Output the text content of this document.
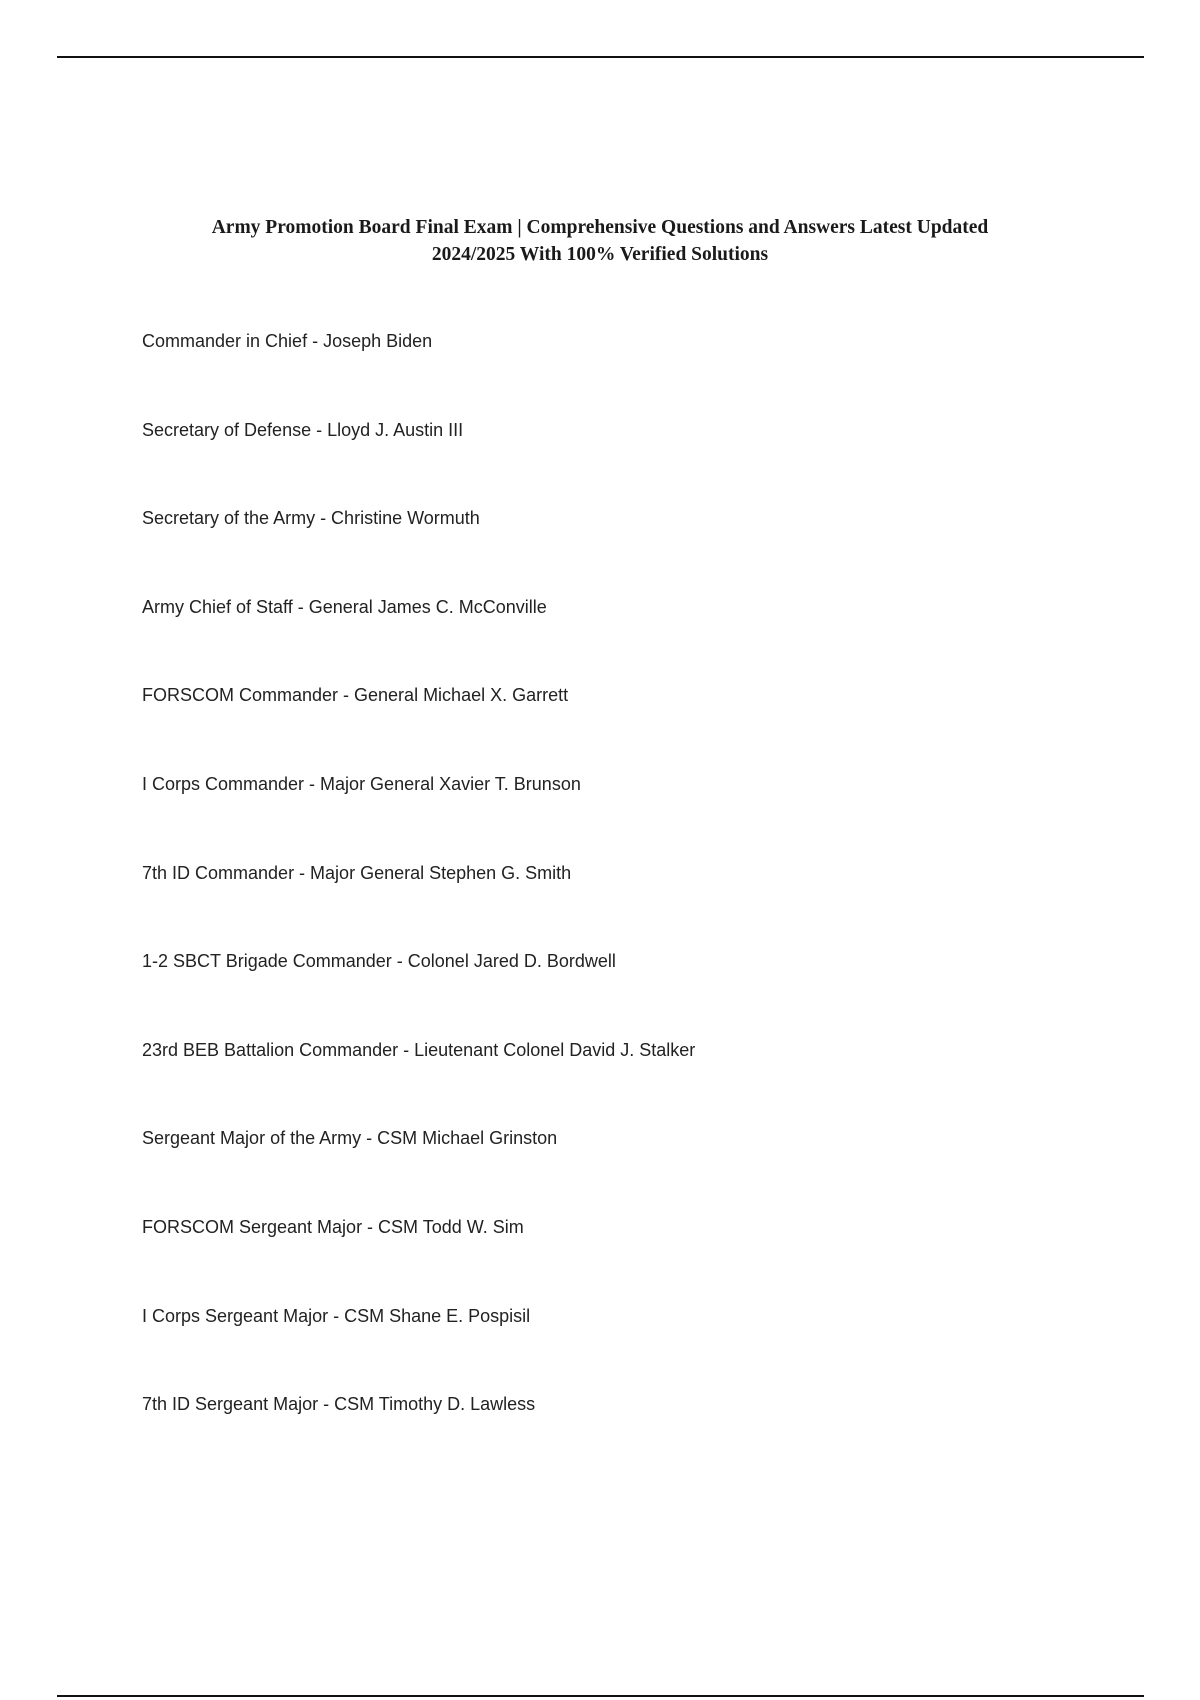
Army Promotion Board Final Exam | Comprehensive Questions and Answers Latest Updated
2024/2025 With 100% Verified Solutions
Commander in Chief - Joseph Biden
Secretary of Defense - Lloyd J. Austin III
Secretary of the Army - Christine Wormuth
Army Chief of Staff - General James C. McConville
FORSCOM Commander - General Michael X. Garrett
I Corps Commander - Major General Xavier T. Brunson
7th ID Commander - Major General Stephen G. Smith
1-2 SBCT Brigade Commander - Colonel Jared D. Bordwell
23rd BEB Battalion Commander - Lieutenant Colonel David J. Stalker
Sergeant Major of the Army - CSM Michael Grinston
FORSCOM Sergeant Major - CSM Todd W. Sim
I Corps Sergeant Major - CSM Shane E. Pospisil
7th ID Sergeant Major - CSM Timothy D. Lawless
